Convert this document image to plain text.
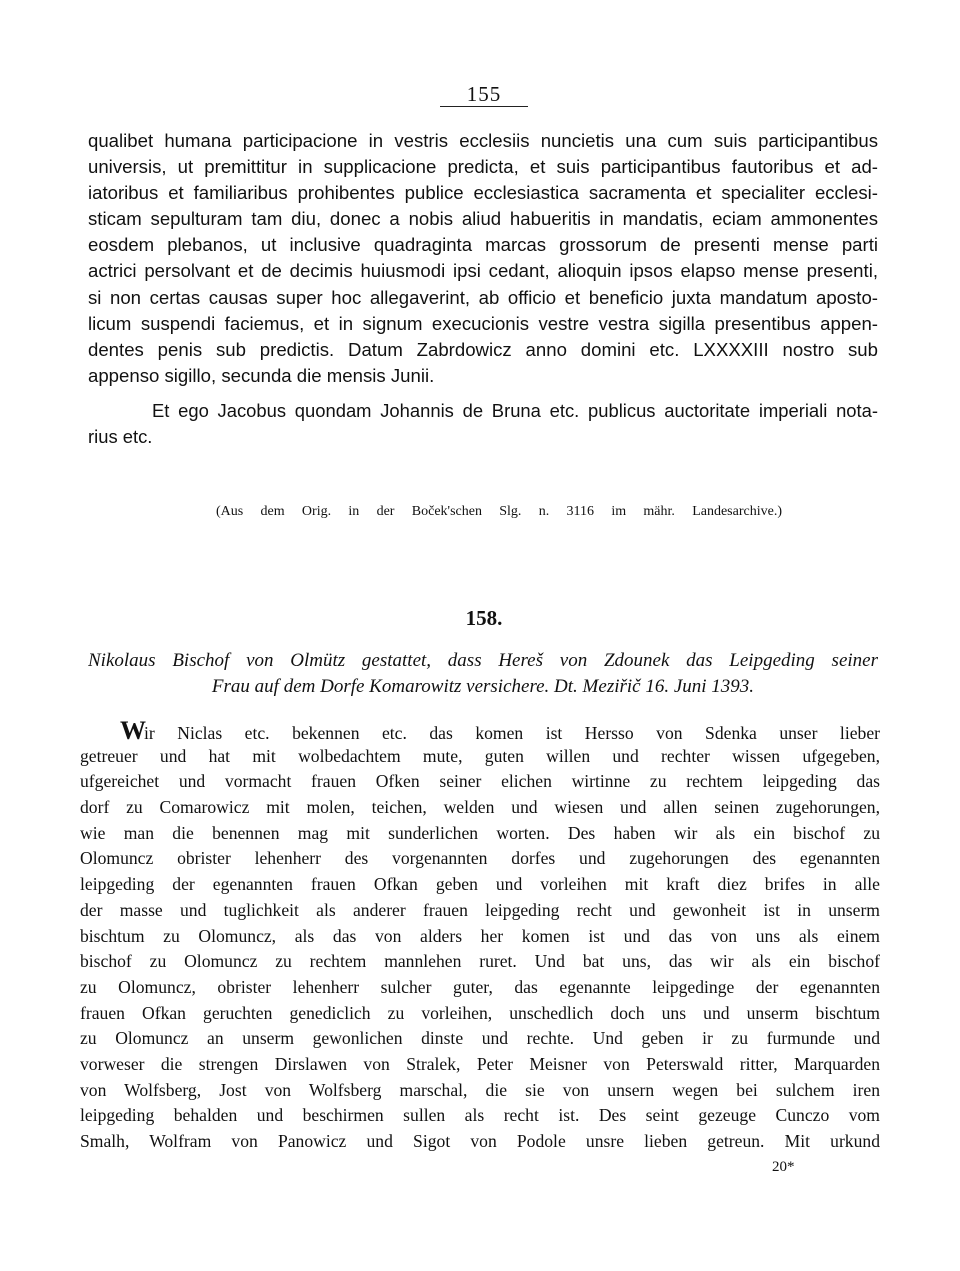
155
qualibet humana participacione in vestris ecclesiis nuncietis una cum suis participantibus
universis, ut premittitur in supplicacione predicta, et suis participantibus fautoribus et ad-
iatoribus et familiaribus prohibentes publice ecclesiastica sacramenta et specialiter ecclesi-
sticam sepulturam tam diu, donec a nobis aliud habueritis in mandatis, eciam ammonentes
eosdem plebanos, ut inclusive quadraginta marcas grossorum de presenti mense parti
actrici persolvant et de decimis huiusmodi ipsi cedant, alioquin ipsos elapso mense presenti,
si non certas causas super hoc allegaverint, ab officio et beneficio juxta mandatum aposto-
licum suspendi faciemus, et in signum execucionis vestre vestra sigilla presentibus appen-
dentes penis sub predictis. Datum Zabrdowicz anno domini etc. LXXXXIII nostro sub
appenso sigillo, secunda die mensis Junii.
Et ego Jacobus quondam Johannis de Bruna etc. publicus auctoritate imperiali nota-
rius etc.
(Aus dem Orig. in der Boček'schen Slg. n. 3116 im mähr. Landesarchive.)
158.
Nikolaus Bischof von Olmütz gestattet, dass Hereš von Zdounek das Leipgeding seiner
Frau auf dem Dorfe Komarowitz versichere. Dt. Meziřič 16. Juni 1393.
Wir Niclas etc. bekennen etc. das komen ist Hersso von Sdenka unser lieber
getreuer und hat mit wolbedachtem mute, guten willen und rechter wissen ufgegeben,
ufgereichet und vormacht frauen Ofken seiner elichen wirtinne zu rechtem leipgeding das
dorf zu Comarowicz mit molen, teichen, welden und wiesen und allen seinen zugehorungen,
wie man die benennen mag mit sunderlichen worten. Des haben wir als ein bischof zu
Olomuncz obrister lehenherr des vorgenannten dorfes und zugehorungen des egenannten
leipgeding der egenannten frauen Ofkan geben und vorleihen mit kraft diez brifes in alle
der masse und tuglichkeit als anderer frauen leipgeding recht und gewonheit ist in unserm
bischtum zu Olomuncz, als das von alders her komen ist und das von uns als einem
bischof zu Olomuncz zu rechtem mannlehen ruret. Und bat uns, das wir als ein bischof
zu Olomuncz, obrister lehenherr sulcher guter, das egenannte leipgedinge der egenannten
frauen Ofkan geruchten genediclich zu vorleihen, unschedlich doch uns und unserm bischtum
zu Olomuncz an unserm gewonlichen dinste und rechte. Und geben ir zu furmunde und
vorweser die strengen Dirslawen von Stralek, Peter Meisner von Peterswald ritter, Marquarden
von Wolfsberg, Jost von Wolfsberg marschal, die sie von unsern wegen bei sulchem iren
leipgeding behalden und beschirmen sullen als recht ist. Des seint gezeuge Cunczo vom
Smalh, Wolfram von Panowicz und Sigot von Podole unsre lieben getreun. Mit urkund
20*
